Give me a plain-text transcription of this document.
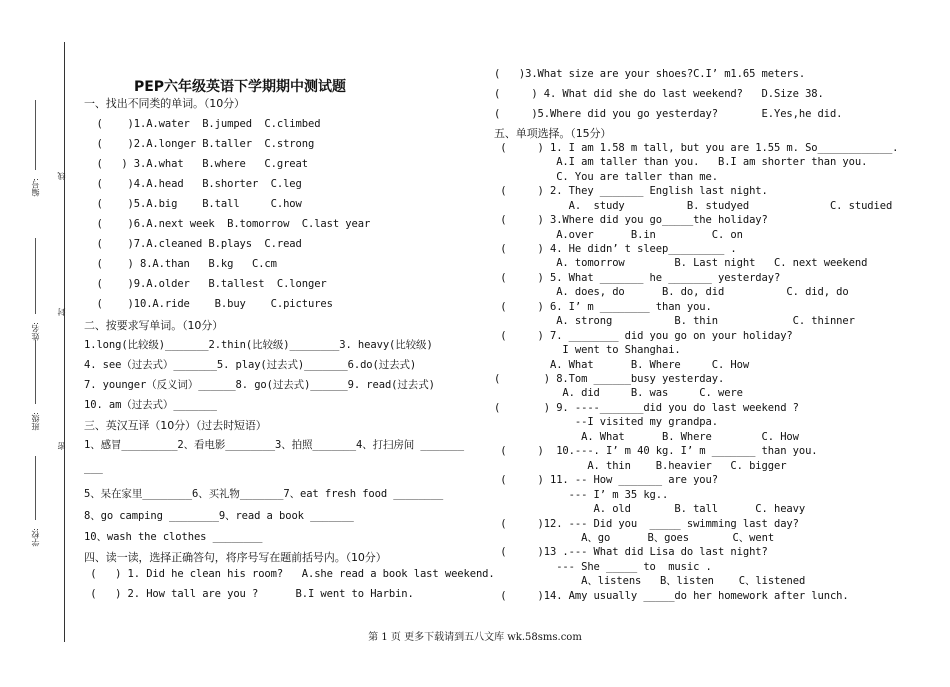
编号:
线
姓名:
封
班级:
密
学校:
PEP六年级英语下学期期中测试题
一、找出不同类的单词。（10分）
(    )1.A.water  B.jumped  C.climbed
(    )2.A.longer B.taller  C.strong
(   ) 3.A.what   B.where   C.great
(    )4.A.head   B.shorter  C.leg
(    )5.A.big    B.tall     C.how
(    )6.A.next week  B.tomorrow  C.last year
(    )7.A.cleaned B.plays  C.read
(    ) 8.A.than   B.kg   C.cm
(    )9.A.older   B.tallest  C.longer
(    )10.A.ride    B.buy    C.pictures
二、按要求写单词。（10分）
1.long(比较级)_______2.thin(比较级)________3. heavy(比较级)
4. see（过去式）_______5. play(过去式)_______6.do(过去式)
7. younger（反义词）______8. go(过去式)______9. read(过去式)
10. am（过去式）_______
三、英汉互译（10分）（过去时短语）
1、感冒_________2、看电影________3、拍照_______4、打扫房间 _______
___
5、呆在家里________6、买礼物_______7、eat fresh food ________
8、go camping ________9、read a book _______
10、wash the clothes ________
四、读一读，选择正确答句，将序号写在题前括号内。（10分）
(   ) 1. Did he clean his room?   A.she read a book last weekend.
(   ) 2. How tall are you ?      B.I went to Harbin.
(   )3.What size are your shoes?C.I’ m1.65 meters.
(     ) 4. What did she do last weekend?   D.Size 38.
(     )5.Where did you go yesterday?       E.Yes,he did.
五、单项选择。（15分）
(     ) 1. I am 1.58 m tall, but you are 1.55 m. So____________.
A.I am taller than you.   B.I am shorter than you.
C. You are taller than me.
(     ) 2. They _______ English last night.
A.  study          B. studyed             C. studied
(     ) 3.Where did you go_____the holiday?
A.over      B.in         C. on
(     ) 4. He didn’ t sleep_________ .
A. tomorrow        B. Last night   C. next weekend
(     ) 5. What _______ he _______ yesterday?
A. does, do      B. do, did          C. did, do
(     ) 6. I’ m ________ than you.
A. strong          B. thin            C. thinner
(     ) 7. ________ did you go on your holiday?
I went to Shanghai.
A. What      B. Where     C. How
(       ) 8.Tom ______busy yesterday.
A. did     B. was     C. were
(       ) 9. ----_______did you do last weekend ?
--I visited my grandpa.
A. What      B. Where        C. How
(     )  10.---. I’ m 40 kg. I’ m _______ than you.
A. thin    B.heavier   C. bigger
(     ) 11. -- How _______ are you?
--- I’ m 35 kg..
A. old       B. tall      C. heavy
(     )12. --- Did you  _____ swimming last day?
A、go      B、goes       C、went
(     )13 .--- What did Lisa do last night?
--- She _____ to  music .
A、listens   B、listen    C、listened
(     )14. Amy usually _____do her homework after lunch.
第 1 页 更多下载请到五八文库 wk.58sms.com
